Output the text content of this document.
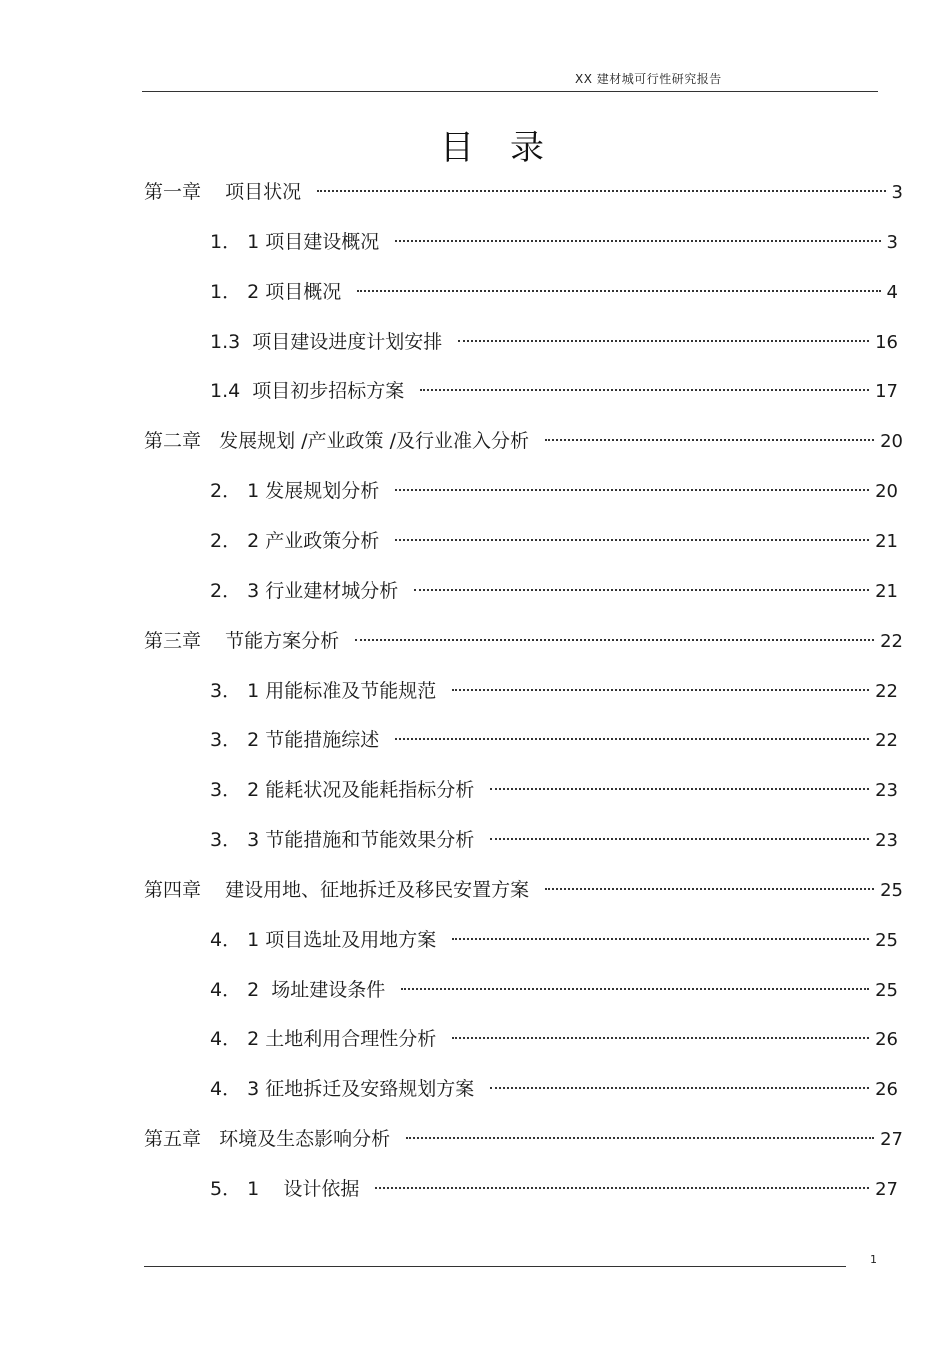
XX 建材城可行性研究报告
目录
第一章    项目状况	3
1． 1 项目建设概况	3
1． 2 项目概况	4
1.3  项目建设进度计划安排	16
1.4  项目初步招标方案	17
第二章   发展规划 /产业政策 /及行业准入分析	20
2． 1 发展规划分析	20
2． 2 产业政策分析	21
2． 3 行业建材城分析	21
第三章    节能方案分析	22
3． 1 用能标准及节能规范	22
3． 2 节能措施综述	22
3． 2 能耗状况及能耗指标分析	23
3． 3 节能措施和节能效果分析	23
第四章    建设用地、征地拆迁及移民安置方案	25
4． 1 项目选址及用地方案	25
4． 2  场址建设条件	25
4． 2 土地利用合理性分析	26
4． 3 征地拆迁及安臵规划方案	26
第五章   环境及生态影响分析	27
5． 1    设计依据	27
1
